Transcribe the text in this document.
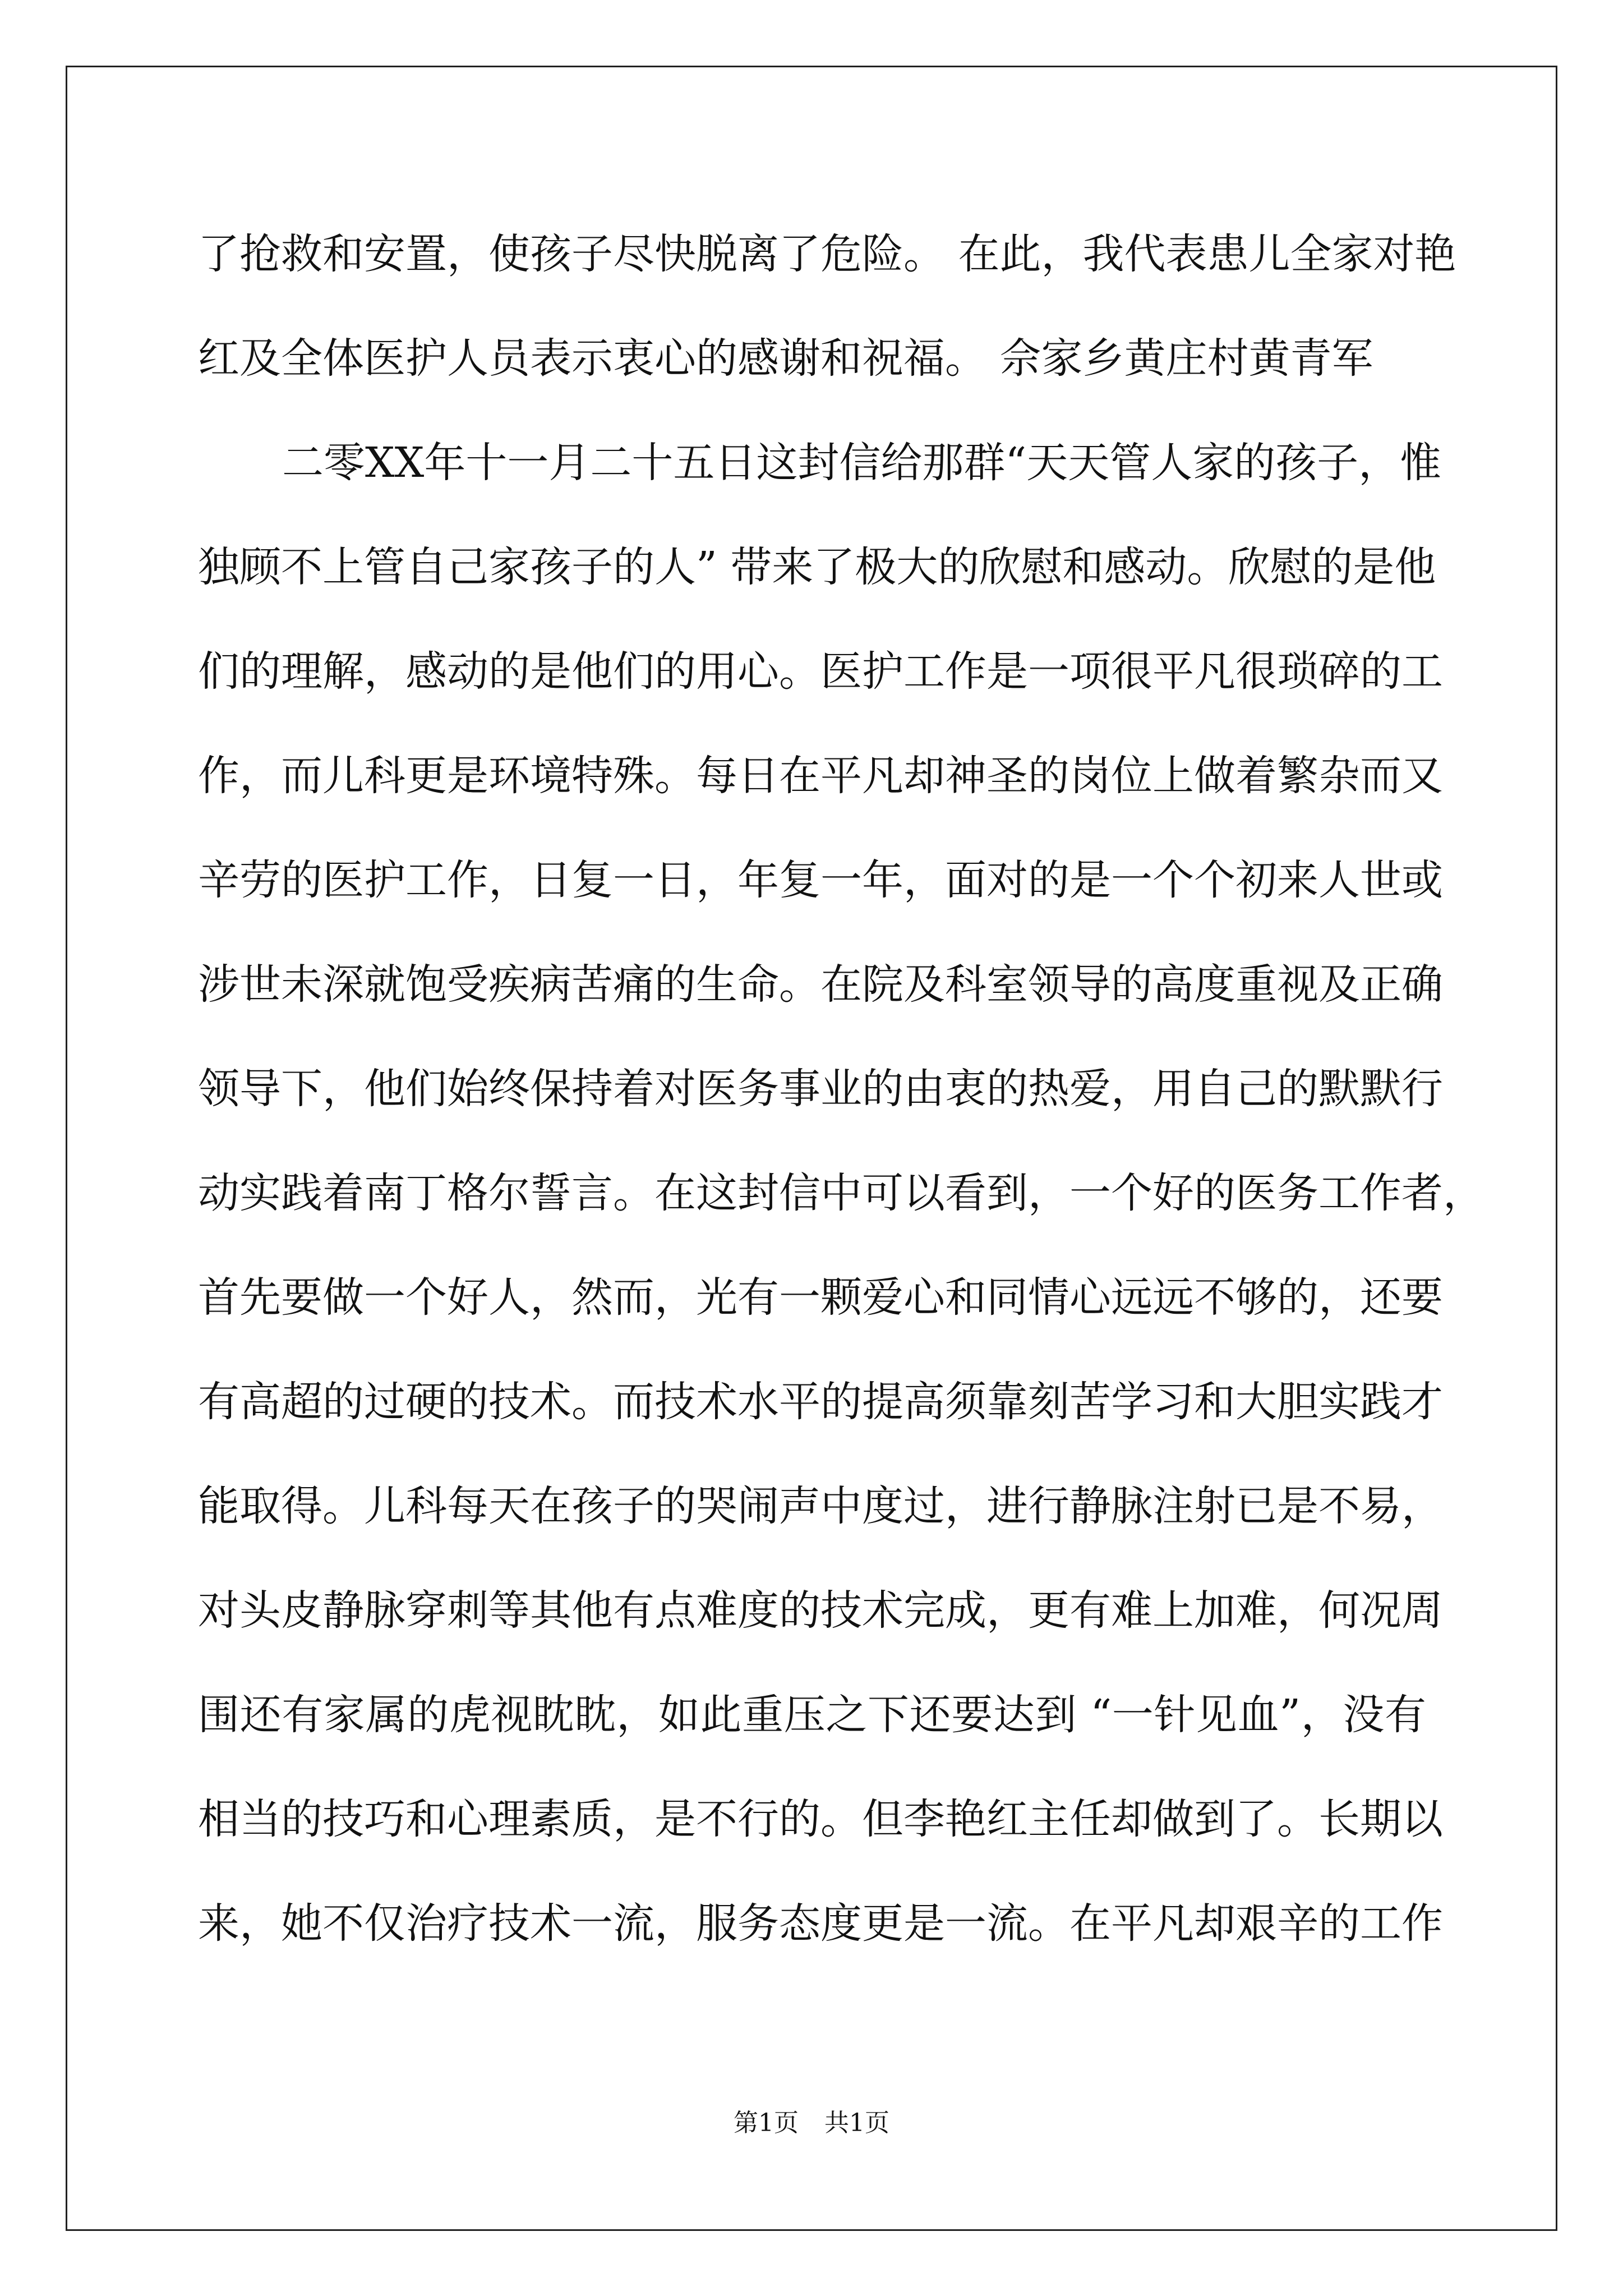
了抢救和安置，使孩子尽快脱离了危险。 在此，我代表患儿全家对艳
红及全体医护人员表示衷心的感谢和祝福。 佘家乡黄庄村黄青军
二零XX年十一月二十五日这封信给那群“天天管人家的孩子，惟
独顾不上管自己家孩子的人” 带来了极大的欣慰和感动。欣慰的是他
们的理解，感动的是他们的用心。医护工作是一项很平凡很琐碎的工
作，而儿科更是环境特殊。每日在平凡却神圣的岗位上做着繁杂而又
辛劳的医护工作，日复一日，年复一年，面对的是一个个初来人世或
涉世未深就饱受疾病苦痛的生命。在院及科室领导的高度重视及正确
领导下，他们始终保持着对医务事业的由衷的热爱，用自己的默默行
动实践着南丁格尔誓言。在这封信中可以看到，一个好的医务工作者，
首先要做一个好人，然而，光有一颗爱心和同情心远远不够的，还要
有高超的过硬的技术。而技术水平的提高须靠刻苦学习和大胆实践才
能取得。儿科每天在孩子的哭闹声中度过，进行静脉注射已是不易，
对头皮静脉穿刺等其他有点难度的技术完成，更有难上加难，何况周
围还有家属的虎视眈眈，如此重压之下还要达到 “一针见血”，没有
相当的技巧和心理素质，是不行的。但李艳红主任却做到了。长期以
来，她不仅治疗技术一流，服务态度更是一流。在平凡却艰辛的工作
第1页 共1页
